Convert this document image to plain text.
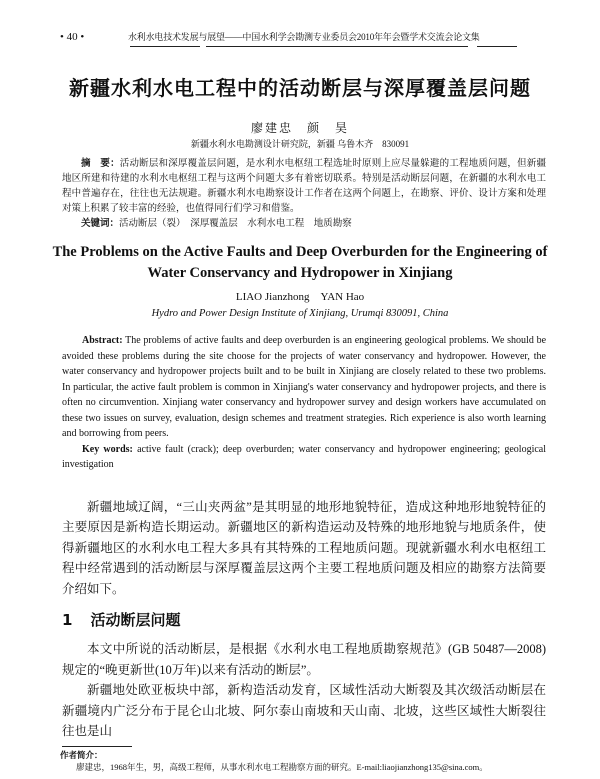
• 40 •	水利水电技术发展与展望——中国水利学会勘测专业委员会2010年年会暨学术交流会论文集
新疆水利水电工程中的活动断层与深厚覆盖层问题
廖建忠　颜　昊
新疆水利水电勘测设计研究院，新疆 乌鲁木齐　830091
摘　要：活动断层和深厚覆盖层问题，是水利水电枢纽工程选址时原则上应尽量躲避的工程地质问题，但新疆地区所建和待建的水利水电枢纽工程与这两个问题大多有着密切联系。特别是活动断层问题，在新疆的水利水电工程中普遍存在，往往也无法规避。新疆水利水电勘察设计工作者在这两个问题上，在勘察、评价、设计方案和处理对策上积累了较丰富的经验，也值得同行们学习和借鉴。
关键词：活动断层（裂）　深厚覆盖层　水利水电工程　地质勘察
The Problems on the Active Faults and Deep Overburden for the Engineering of Water Conservancy and Hydropower in Xinjiang
LIAO Jianzhong　YAN Hao
Hydro and Power Design Institute of Xinjiang, Urumqi 830091, China
Abstract: The problems of active faults and deep overburden is an engineering geological problems. We should be avoided these problems during the site choose for the projects of water conservancy and hydropower. However, the water conservancy and hydropower projects built and to be built in Xinjiang are closely related to these two problems. In particular, the active fault problem is common in Xinjiang's water conservancy and hydropower projects, and there is often no circumvention. Xinjiang water conservancy and hydropower survey and design workers have accumulated on these two issues on survey, evaluation, design schemes and treatment strategies. Rich experience is also worth learning and borrowing from peers.
Key words: active fault (crack); deep overburden; water conservancy and hydropower engineering; geological investigation
新疆地域辽阔，“三山夹两盆”是其明显的地形地貌特征，造成这种地形地貌特征的主要原因是新构造长期运动。新疆地区的新构造运动及特殊的地形地貌与地质条件，使得新疆地区的水利水电工程大多具有其特殊的工程地质问题。现就新疆水利水电枢纽工程中经常遇到的活动断层与深厚覆盖层这两个主要工程地质问题及相应的勘察方法简要介绍如下。
1 活动断层问题

本文中所说的活动断层，是根据《水利水电工程地质勘察规范》(GB 50487—2008)规定的“晚更新世(10万年)以来有活动的断层”。

新疆地处欧亚板块中部，新构造活动发育，区域性活动大断裂及其次级活动断层在新疆境内广泛分布于昆仑山北坡、阿尔泰山南坡和天山南、北坡，这些区域性大断裂往往也是山

作者简介：
廖建忠，1968年生，男，高级工程师，从事水利水电工程勘察方面的研究。E-mail:liaojianzhong135@sina.com。
